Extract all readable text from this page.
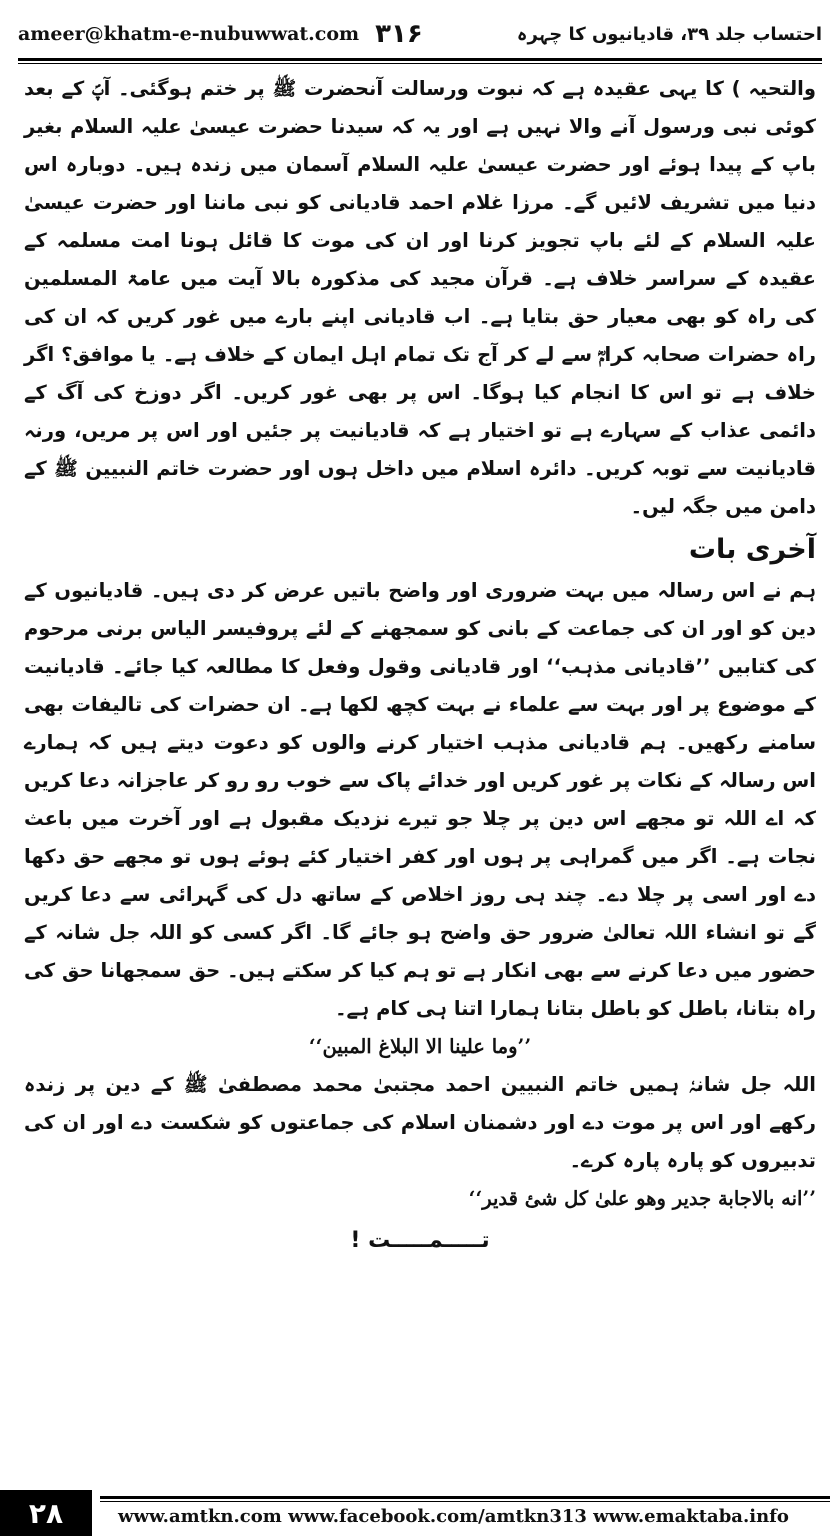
ameer@khatm-e-nubuwwat.com ۳۱۶	احتساب جلد ۳۹، قادیانیوں کا چہرہ

والتحیہ ) کا یہی عقیدہ ہے کہ نبوت ورسالت آنحضرت ﷺ پر ختم ہوگئی۔ آپؐ کے بعد کوئی نبی ورسول آنے والا نہیں ہے اور یہ کہ سیدنا حضرت عیسیٰ علیہ السلام بغیر باپ کے پیدا ہوئے اور حضرت عیسیٰ علیہ السلام آسمان میں زندہ ہیں۔ دوبارہ اس دنیا میں تشریف لائیں گے۔ مرزا غلام احمد قادیانی کو نبی ماننا اور حضرت عیسیٰ علیہ السلام کے لئے باپ تجویز کرنا اور ان کی موت کا قائل ہونا امت مسلمہ کے عقیدہ کے سراسر خلاف ہے۔ قرآن مجید کی مذکورہ بالا آیت میں عامۃ المسلمین کی راہ کو بھی معیار حق بتایا ہے۔ اب قادیانی اپنے بارے میں غور کریں کہ ان کی راہ حضرات صحابہ کرامؓ سے لے کر آج تک تمام اہل ایمان کے خلاف ہے۔ یا موافق؟ اگر خلاف ہے تو اس کا انجام کیا ہوگا۔ اس پر بھی غور کریں۔ اگر دوزخ کی آگ کے دائمی عذاب کے سہارے ہے تو اختیار ہے کہ قادیانیت پر جئیں اور اس پر مریں، ورنہ قادیانیت سے توبہ کریں۔ دائرہ اسلام میں داخل ہوں اور حضرت خاتم النبیین ﷺ کے دامن میں جگہ لیں۔

آخری بات

ہم نے اس رسالہ میں بہت ضروری اور واضح باتیں عرض کر دی ہیں۔ قادیانیوں کے دین کو اور ان کی جماعت کے بانی کو سمجھنے کے لئے پروفیسر الیاس برنی مرحوم کی کتابیں ’’قادیانی مذہب‘‘ اور قادیانی وقول وفعل کا مطالعہ کیا جائے۔ قادیانیت کے موضوع پر اور بہت سے علماء نے بہت کچھ لکھا ہے۔ ان حضرات کی تالیفات بھی سامنے رکھیں۔ ہم قادیانی مذہب اختیار کرنے والوں کو دعوت دیتے ہیں کہ ہمارے اس رسالہ کے نکات پر غور کریں اور خدائے پاک سے خوب رو رو کر عاجزانہ دعا کریں کہ اے اللہ تو مجھے اس دین پر چلا جو تیرے نزدیک مقبول ہے اور آخرت میں باعث نجات ہے۔ اگر میں گمراہی پر ہوں اور کفر اختیار کئے ہوئے ہوں تو مجھے حق دکھا دے اور اسی پر چلا دے۔ چند ہی روز اخلاص کے ساتھ دل کی گہرائی سے دعا کریں گے تو انشاء اللہ تعالیٰ ضرور حق واضح ہو جائے گا۔ اگر کسی کو اللہ جل شانہ کے حضور میں دعا کرنے سے بھی انکار ہے تو ہم کیا کر سکتے ہیں۔ حق سمجھانا حق کی راہ بتانا، باطل کو باطل بتانا ہمارا اتنا ہی کام ہے۔

’’وما علینا الا البلاغ المبین‘‘

اللہ جل شانہٗ ہمیں خاتم النبیین احمد مجتبیٰ محمد مصطفیٰ ﷺ کے دین پر زندہ رکھے اور اس پر موت دے اور دشمنان اسلام کی جماعتوں کو شکست دے اور ان کی تدبیروں کو پارہ پارہ کرے۔

’’انه بالاجابة جدير وهو علىٰ كل شئ قدير‘‘

تـــــمـــــت !

۲۸	www.amtkn.com www.facebook.com/amtkn313 www.emaktaba.info
